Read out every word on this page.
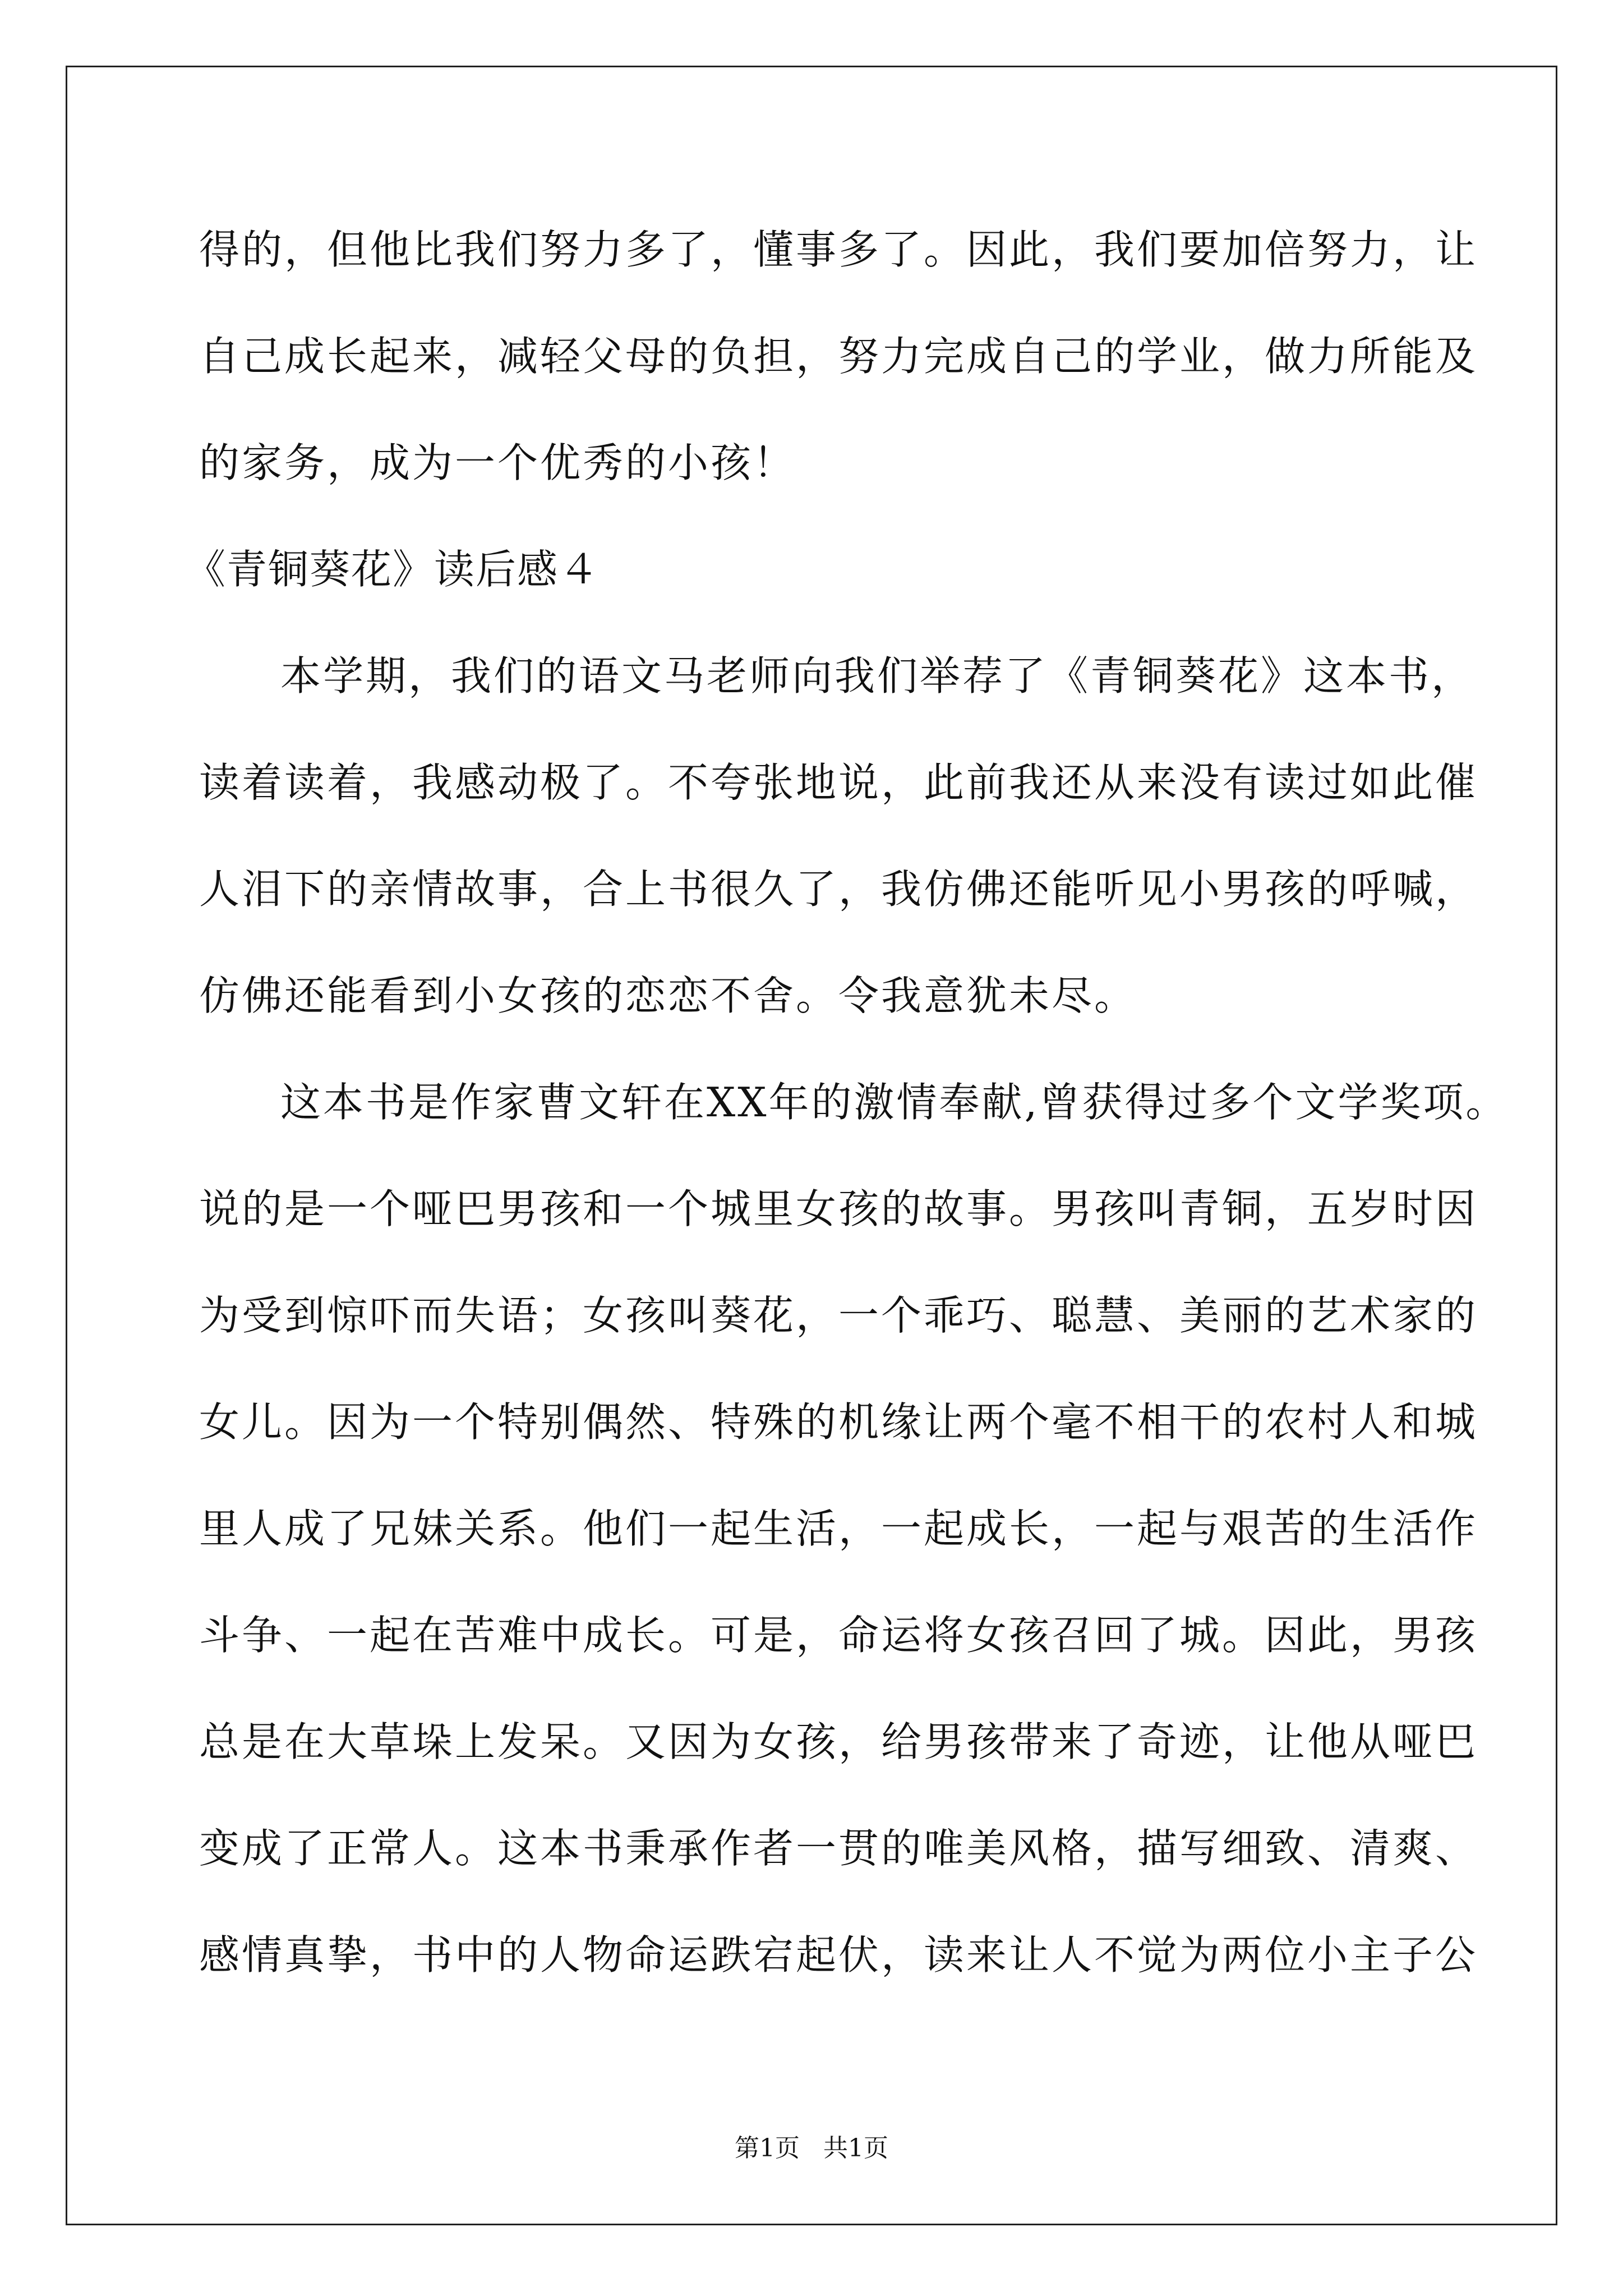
得的，但他比我们努力多了，懂事多了。因此，我们要加倍努力，让

自己成长起来，减轻父母的负担，努力完成自己的学业，做力所能及

的家务，成为一个优秀的小孩！

《青铜葵花》读后感４

本学期，我们的语文马老师向我们举荐了《青铜葵花》这本书，

读着读着，我感动极了。不夸张地说，此前我还从来没有读过如此催

人泪下的亲情故事，合上书很久了，我仿佛还能听见小男孩的呼喊，

仿佛还能看到小女孩的恋恋不舍。令我意犹未尽。

这本书是作家曹文轩在XX年的激情奉献,曾获得过多个文学奖项。

说的是一个哑巴男孩和一个城里女孩的故事。男孩叫青铜，五岁时因

为受到惊吓而失语；女孩叫葵花，一个乖巧、聪慧、美丽的艺术家的

女儿。因为一个特别偶然、特殊的机缘让两个毫不相干的农村人和城

里人成了兄妹关系。他们一起生活，一起成长，一起与艰苦的生活作

斗争、一起在苦难中成长。可是，命运将女孩召回了城。因此，男孩

总是在大草垛上发呆。又因为女孩，给男孩带来了奇迹，让他从哑巴

变成了正常人。这本书秉承作者一贯的唯美风格，描写细致、清爽、

感情真挚，书中的人物命运跌宕起伏，读来让人不觉为两位小主子公

第1页 共1页
